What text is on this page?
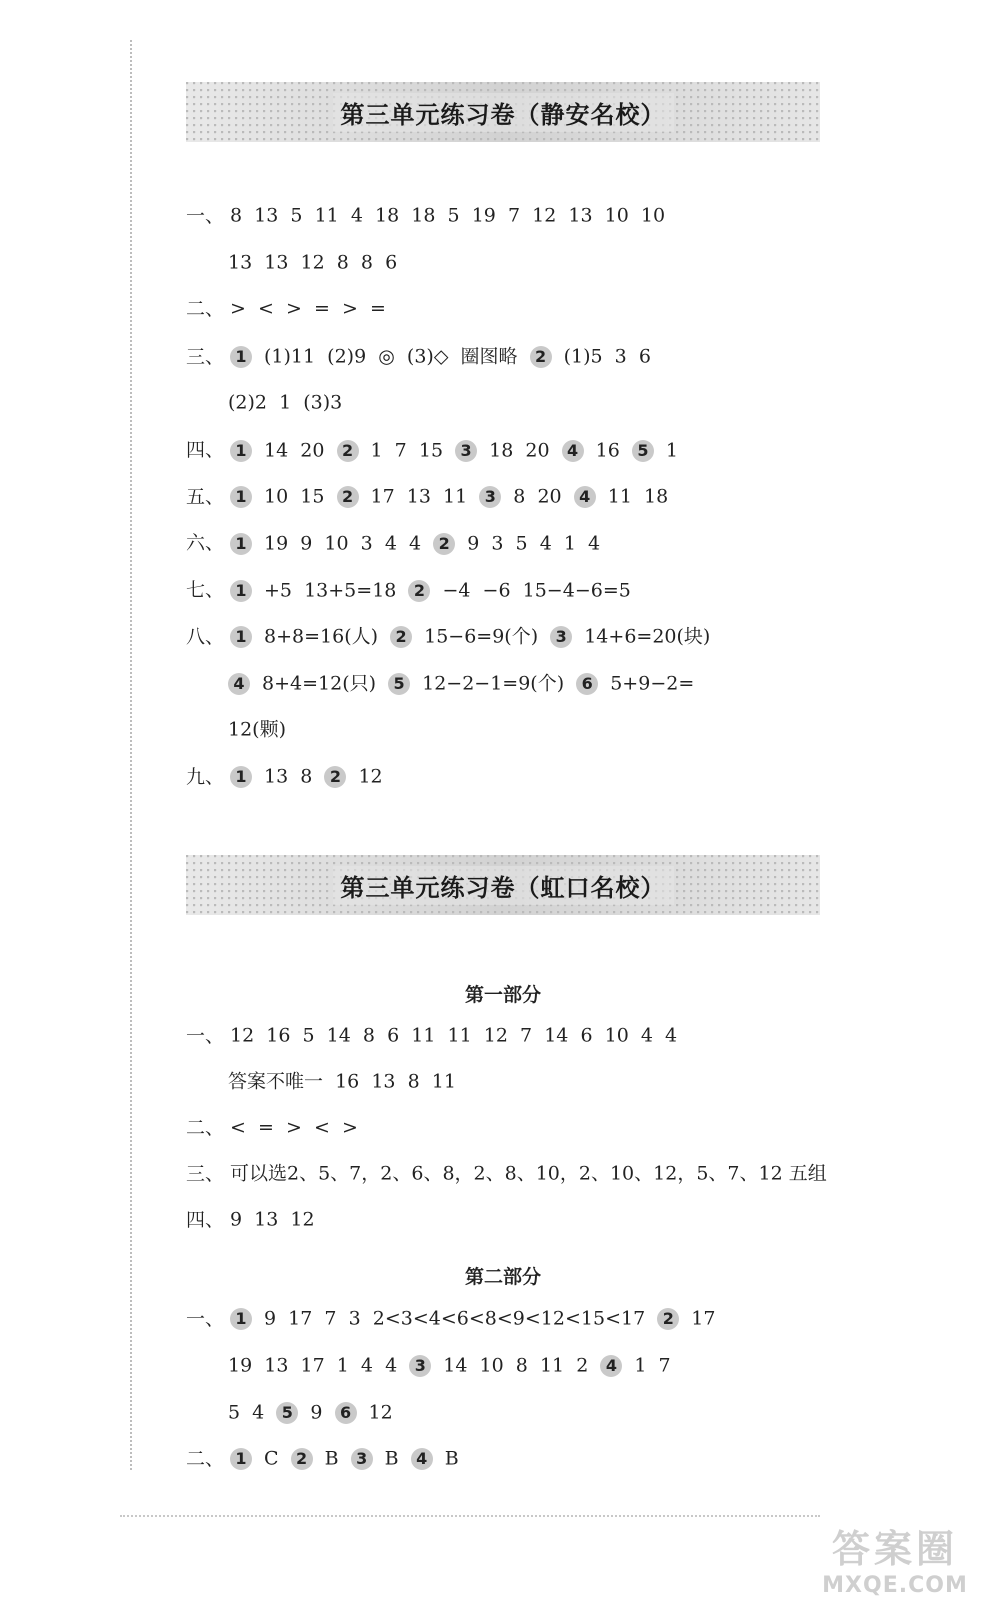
第三单元练习卷（静安名校）
一、 8  13  5  11  4  18  18  5  19  7  12  13  10  10
13  13  12  8  8  6
二、 >  <  >  =  >  =
三、 1 (1)11  (2)9  ◎  (3)◇  圈图略  2 (1)5  3  6
(2)2  1  (3)3
四、 1 14  20  2 1  7  15  3 18  20  4 16  5 1
五、 1 10  15  2 17  13  11  3 8  20  4 11  18
六、 1 19  9  10  3  4  4  2 9  3  5  4  1  4
七、 1 +5  13+5=18  2 −4  −6  15−4−6=5
八、 1 8+8=16(人)  2 15−6=9(个)  3 14+6=20(块)
4 8+4=12(只)  5 12−2−1=9(个)  6 5+9−2=
12(颗)
九、 1 13  8  2 12
第三单元练习卷（虹口名校）
第一部分
一、 12  16  5  14  8  6  11  11  12  7  14  6  10  4  4
答案不唯一  16  13  8  11
二、 <  =  >  <  >
三、 可以选2、5、7，2、6、8，2、8、10，2、10、12，5、7、12 五组
四、 9  13  12
第二部分
一、 1 9  17  7  3  2<3<4<6<8<9<12<15<17  2 17
19  13  17  1  4  4  3 14  10  8  11  2  4 1  7
5  4  5 9  6 12
二、 1 C  2 B  3 B  4 B
答案圈
MXQE.COM
